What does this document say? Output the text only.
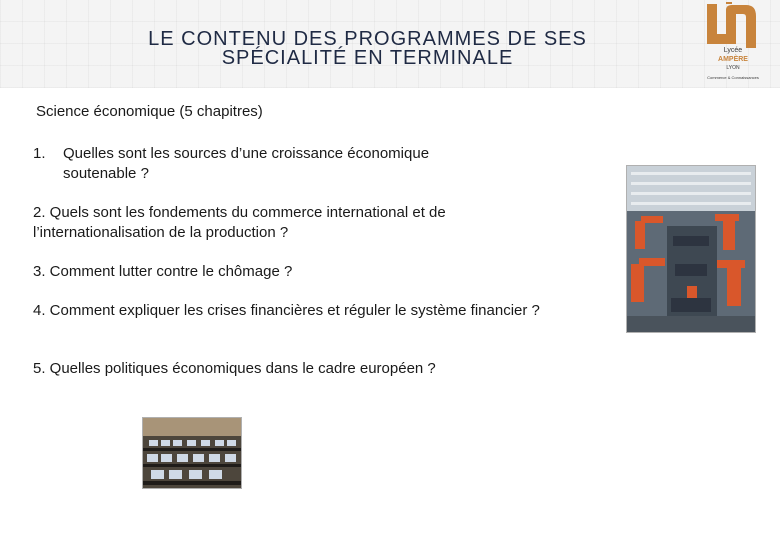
LE CONTENU DES PROGRAMMES DE SES
SPÉCIALITÉ EN TERMINALE	Lycée
AMPÈRE
LYON
Commerce & Connaissances

Science économique (5 chapitres)

1.	Quelles sont les sources d’une croissance économique soutenable ?

2. Quels sont les fondements du commerce international et de l’internationalisation de la production ?

3. Comment lutter contre le chômage ?

4. Comment expliquer les crises financières et réguler le système financier ?

5. Quelles politiques économiques dans le cadre européen ?
